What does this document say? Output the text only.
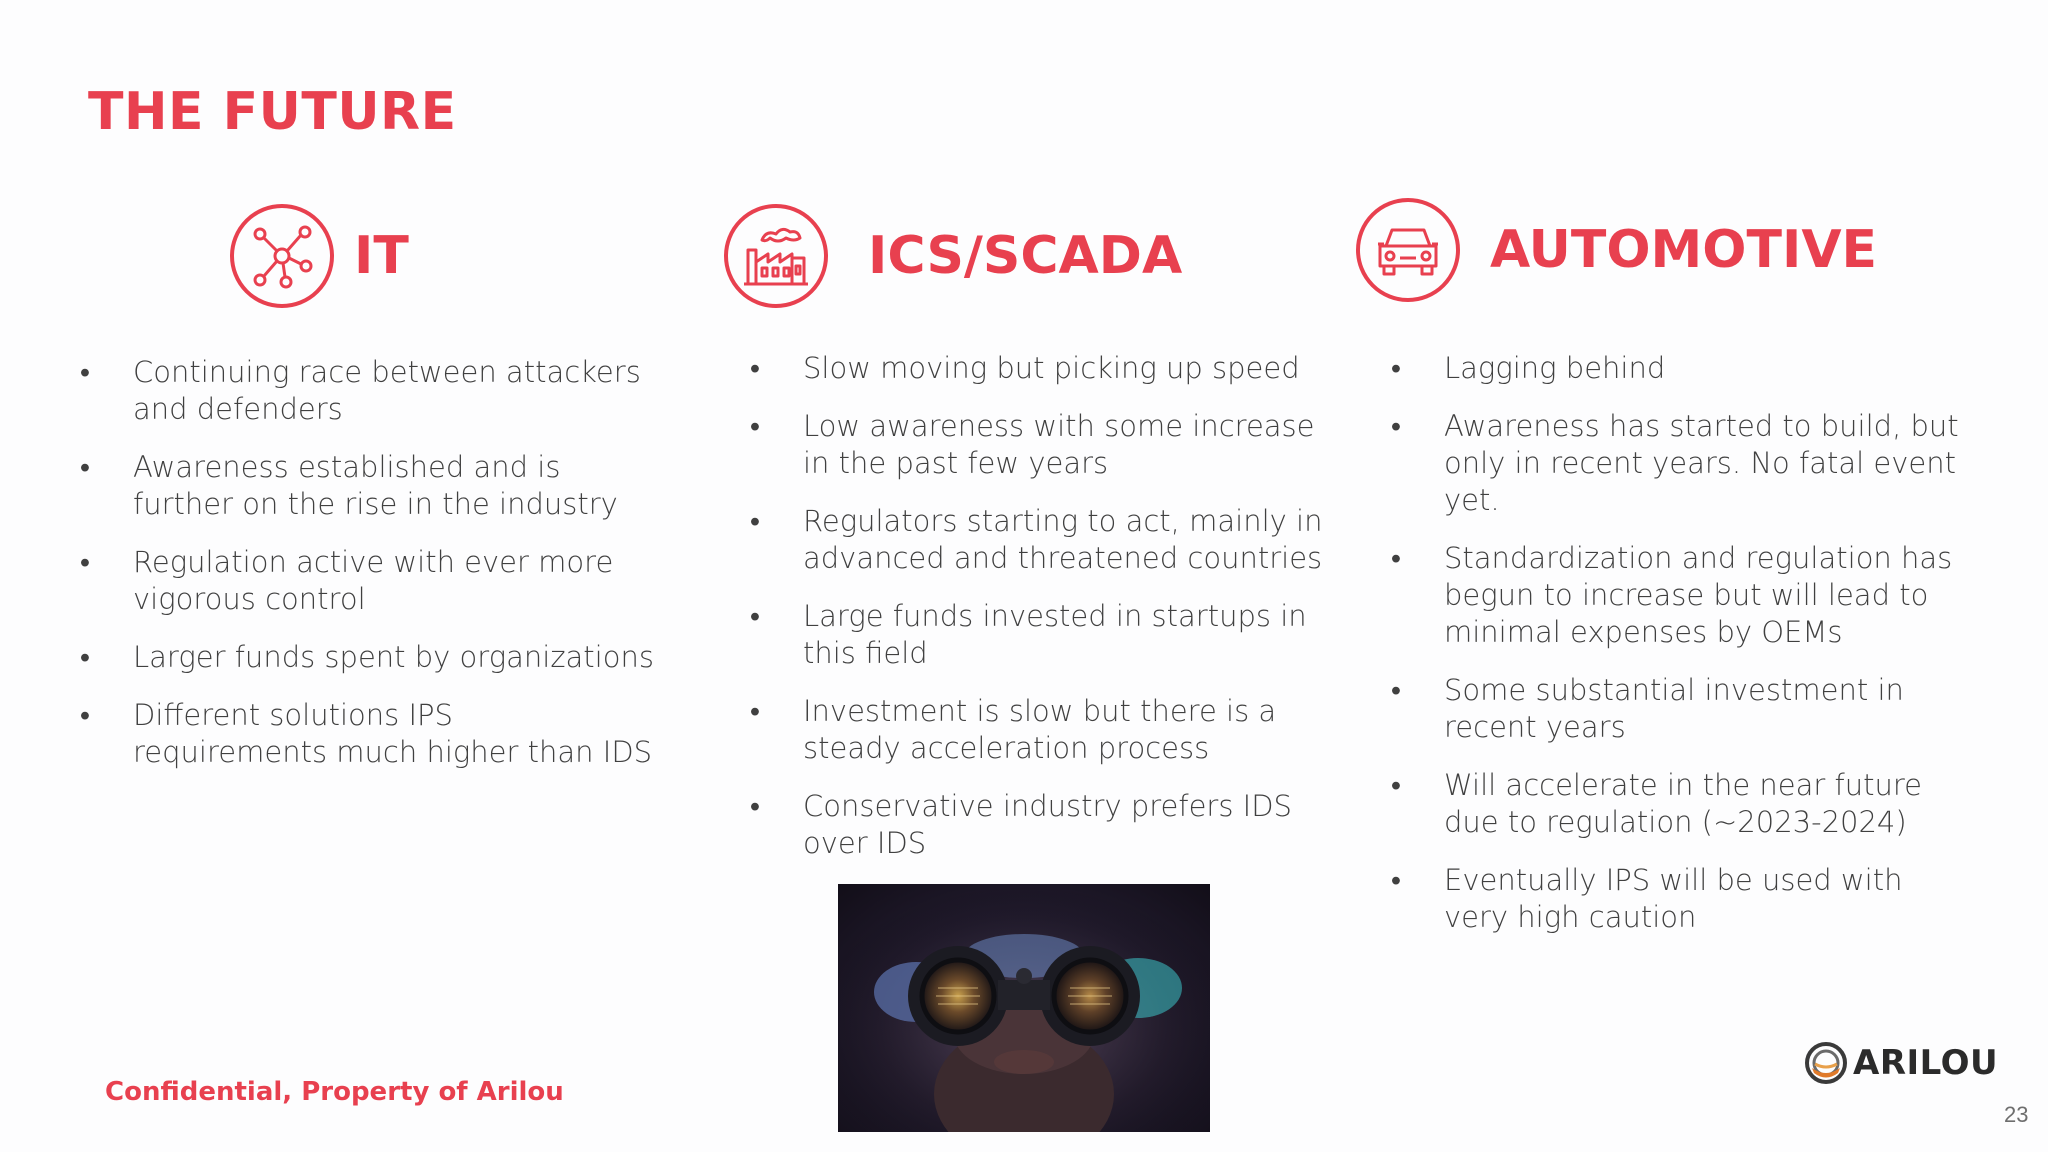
THE FUTURE
IT
• Continuing race between attackers and defenders
• Awareness established and is further on the rise in the industry
• Regulation active with ever more vigorous control
• Larger funds spent by organizations
• Different solutions IPS requirements much higher than IDS
ICS/SCADA
• Slow moving but picking up speed
• Low awareness with some increase in the past few years
• Regulators starting to act, mainly in advanced and threatened countries
• Large funds invested in startups in this field
• Investment is slow but there is a steady acceleration process
• Conservative industry prefers IDS over IDS
AUTOMOTIVE
• Lagging behind
• Awareness has started to build, but only in recent years. No fatal event yet.
• Standardization and regulation has begun to increase but will lead to minimal expenses by OEMs
• Some substantial investment in recent years
• Will accelerate in the near future due to regulation (~2023-2024)
• Eventually IPS will be used with very high caution
Confidential, Property of Arilou
ARILOU
23
